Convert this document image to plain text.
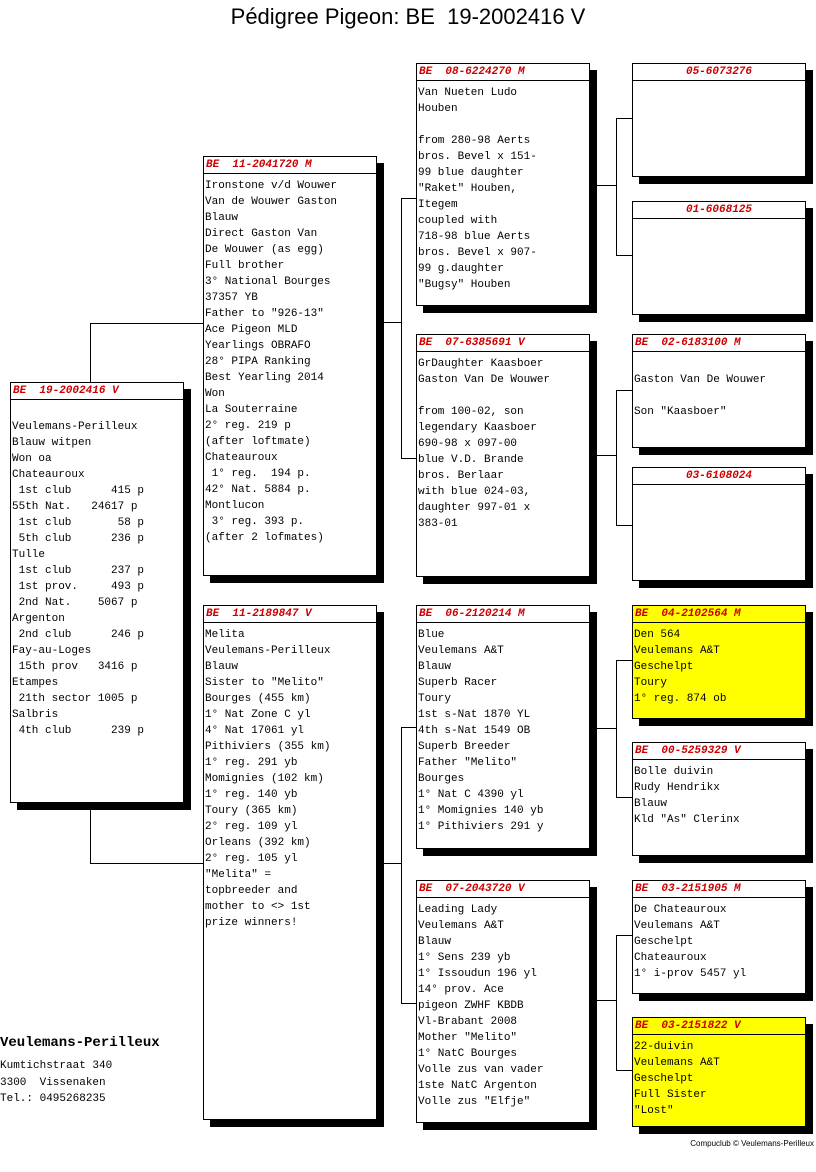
Pédigree Pigeon: BE  19-2002416 V
BE  19-2002416 V
Veulemans-Perilleux
Blauw witpen
Won oa
Chateauroux
1st club      415 p
55th Nat.   24617 p
1st club       58 p
5th club      236 p
Tulle
1st club      237 p
1st prov.     493 p
2nd Nat.    5067 p
Argenton
2nd club      246 p
Fay-au-Loges
15th prov   3416 p
Etampes
21th sector 1005 p
Salbris
4th club      239 p
BE  11-2041720 M
Ironstone v/d Wouwer
Van de Wouwer Gaston
Blauw
Direct Gaston Van
De Wouwer (as egg)
Full brother
3° National Bourges
37357 YB
Father to "926-13"
Ace Pigeon MLD
Yearlings OBRAFO
28° PIPA Ranking
Best Yearling 2014
Won
La Souterraine
2° reg. 219 p
(after loftmate)
Chateauroux
1° reg.  194 p.
42° Nat. 5884 p.
Montlucon
3° reg. 393 p.
(after 2 lofmates)
BE  11-2189847 V
Melita
Veulemans-Perilleux
Blauw
Sister to "Melito"
Bourges (455 km)
1° Nat Zone C yl
4° Nat 17061 yl
Pithiviers (355 km)
1° reg. 291 yb
Momignies (102 km)
1° reg. 140 yb
Toury (365 km)
2° reg. 109 yl
Orleans (392 km)
2° reg. 105 yl
"Melita" =
topbreeder and
mother to <> 1st
prize winners!
BE  08-6224270 M
Van Nueten Ludo
Houben
from 280-98 Aerts
bros. Bevel x 151-
99 blue daughter
"Raket" Houben,
Itegem
coupled with
718-98 blue Aerts
bros. Bevel x 907-
99 g.daughter
"Bugsy" Houben
BE  07-6385691 V
GrDaughter Kaasboer
Gaston Van De Wouwer
from 100-02, son
legendary Kaasboer
690-98 x 097-00
blue V.D. Brande
bros. Berlaar
with blue 024-03,
daughter 997-01 x
383-01
BE  06-2120214 M
Blue
Veulemans A&T
Blauw
Superb Racer
Toury
1st s-Nat 1870 YL
4th s-Nat 1549 OB
Superb Breeder
Father "Melito"
Bourges
1° Nat C 4390 yl
1° Momignies 140 yb
1° Pithiviers 291 y
BE  07-2043720 V
Leading Lady
Veulemans A&T
Blauw
1° Sens 239 yb
1° Issoudun 196 yl
14° prov. Ace
pigeon ZWHF KBDB
Vl-Brabant 2008
Mother "Melito"
1° NatC Bourges
Volle zus van vader
1ste NatC Argenton
Volle zus "Elfje"
05-6073276
01-6068125
BE  02-6183100 M
Gaston Van De Wouwer
Son "Kaasboer"
03-6108024
BE  04-2102564 M
Den 564
Veulemans A&T
Geschelpt
Toury
1° reg. 874 ob
BE  00-5259329 V
Bolle duivin
Rudy Hendrikx
Blauw
Kld "As" Clerinx
BE  03-2151905 M
De Chateauroux
Veulemans A&T
Geschelpt
Chateauroux
1° i-prov 5457 yl
BE  03-2151822 V
22-duivin
Veulemans A&T
Geschelpt
Full Sister
"Lost"
Veulemans-Perilleux
Kumtichstraat 340
3300  Vissenaken
Tel.: 0495268235
Compuclub © Veulemans-Perilleux
